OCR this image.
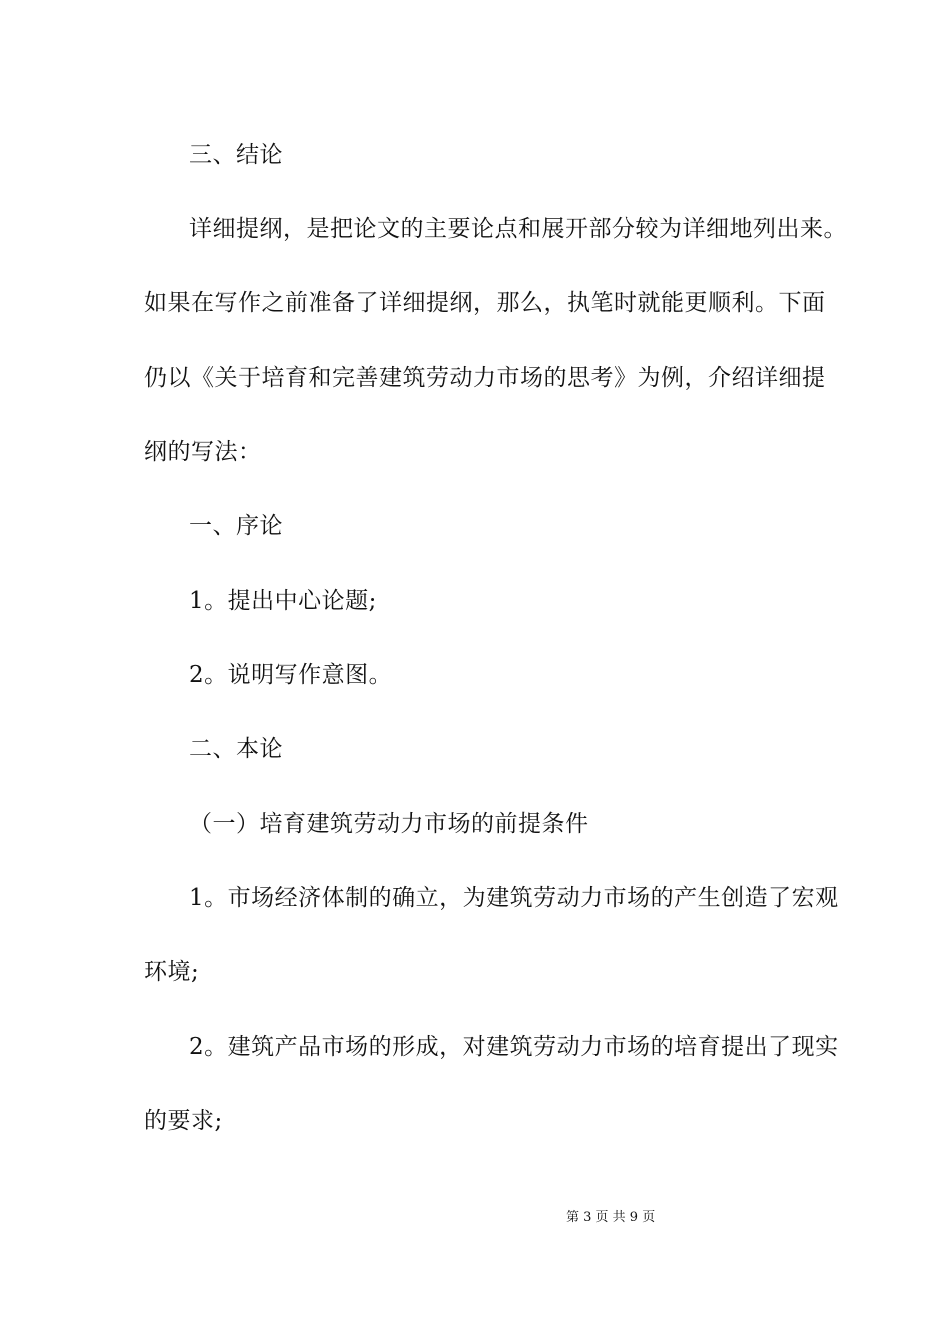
三、结论
详细提纲，是把论文的主要论点和展开部分较为详细地列出来。
如果在写作之前准备了详细提纲，那么，执笔时就能更顺利。下面
仍以《关于培育和完善建筑劳动力市场的思考》为例，介绍详细提
纲的写法：
一、序论
1。提出中心论题;
2。说明写作意图。
二、本论
（一）培育建筑劳动力市场的前提条件
1。市场经济体制的确立，为建筑劳动力市场的产生创造了宏观
环境;
2。建筑产品市场的形成，对建筑劳动力市场的培育提出了现实
的要求;
第 3 页 共 9 页
